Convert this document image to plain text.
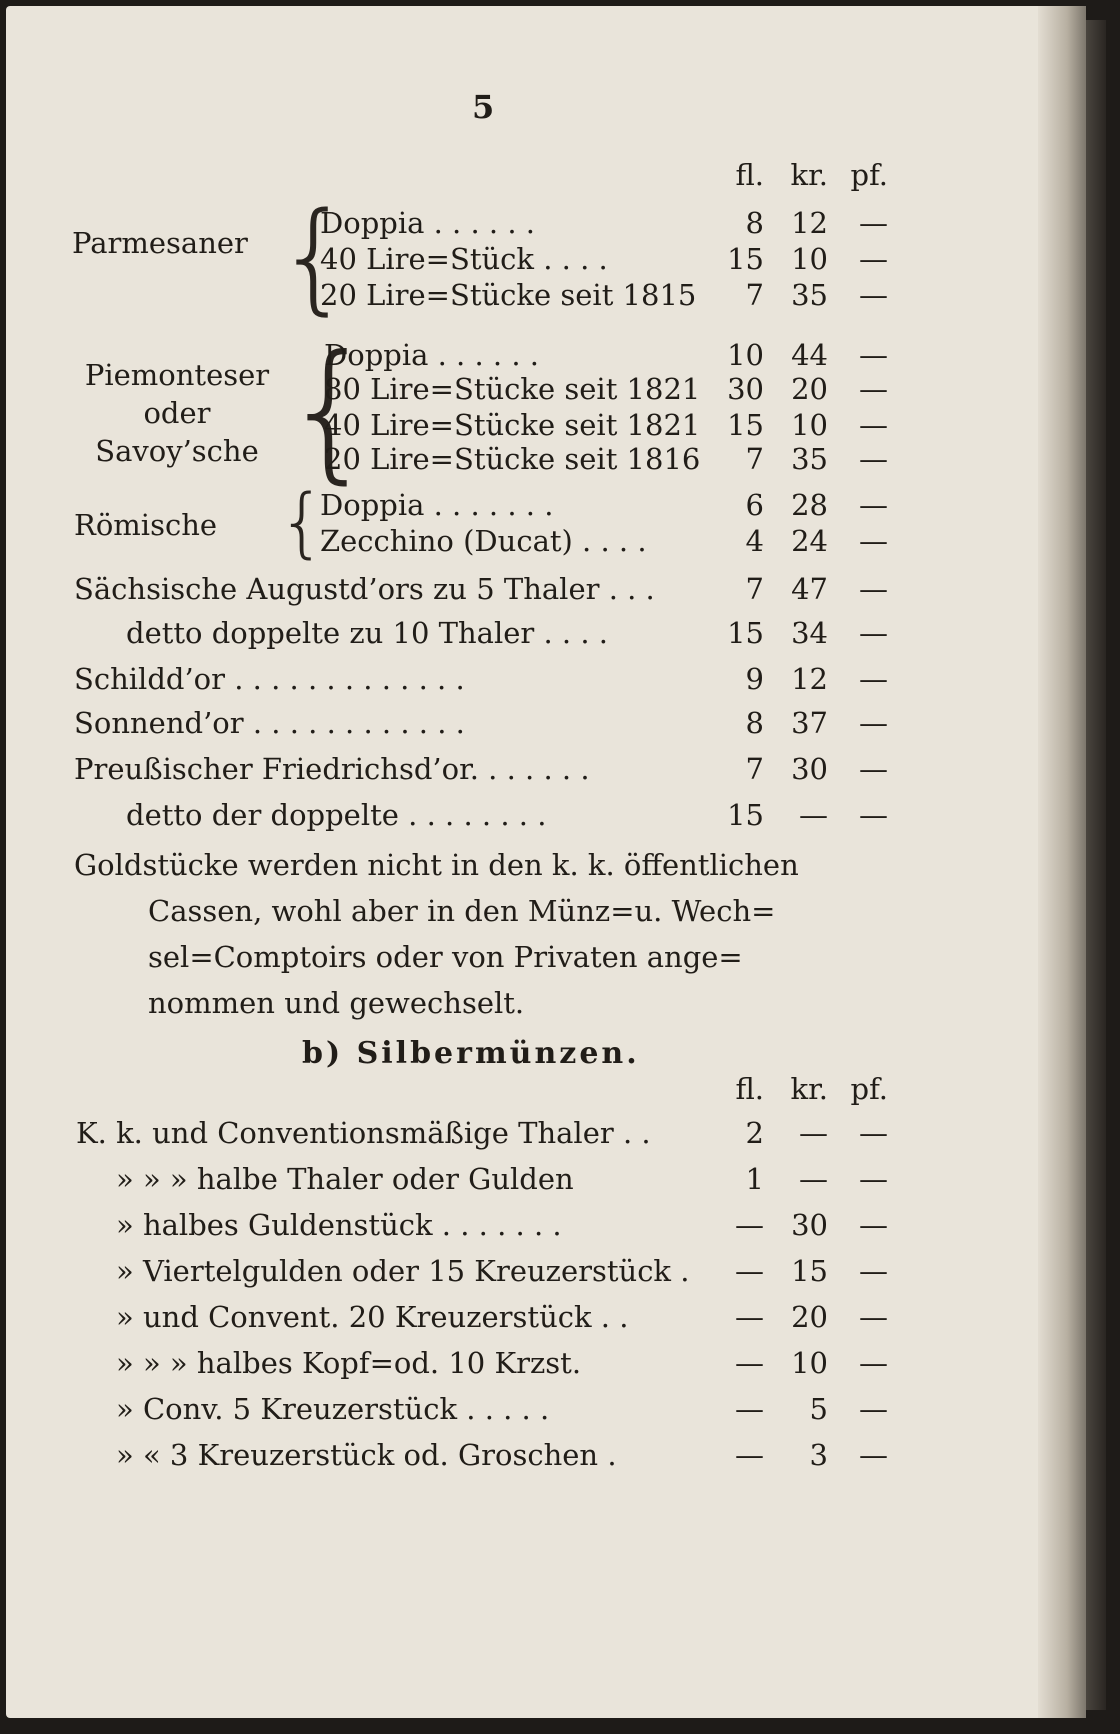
5
fl. kr. pf.
Parmesaner {
Doppia . . . . . .	8 12	—
40 Lire=Stück . . . .	15 10	—
20 Lire=Stücke seit 1815	7 35	—
Piemonteser
oder
Savoy’sche {
Doppia . . . . . .	10 44	—
80 Lire=Stücke seit 1821 30 20	—
40 Lire=Stücke seit 1821 15 10	—
20 Lire=Stücke seit 1816	7 35	—
Römische {
Doppia . . . . . . .	6 28	—
Zecchino (Ducat) . . . .	4 24	—
Sächsische Augustd’ors zu 5 Thaler . . .	7 47	—
detto doppelte zu 10 Thaler . . . .	15 34	—
Schildd’or . . . . . . . . . . . . .	9 12	—
Sonnend’or . . . . . . . . . . . .	8 37	—
Preußischer Friedrichsd’or. . . . . . .	7 30	—
detto der doppelte . . . . . . . .	15	—	—
Goldstücke werden nicht in den k. k. öffentlichen
Cassen, wohl aber in den Münz=u. Wech=
sel=Comptoirs oder von Privaten ange=
nommen und gewechselt.
b) Silbermünzen.
fl. kr. pf.
K. k. und Conventionsmäßige Thaler . .	2	—	—
» » » halbe Thaler oder Gulden	1	—	—
» halbes Guldenstück . . . . . . .	— 30	—
» Viertelgulden oder 15 Kreuzerstück .	— 15	—
» und Convent. 20 Kreuzerstück . .	— 20	—
» » » halbes Kopf=od. 10 Krzst.	— 10	—
» Conv. 5 Kreuzerstück . . . . .	—	5	—
» « 3 Kreuzerstück od. Groschen .	—	3	—
